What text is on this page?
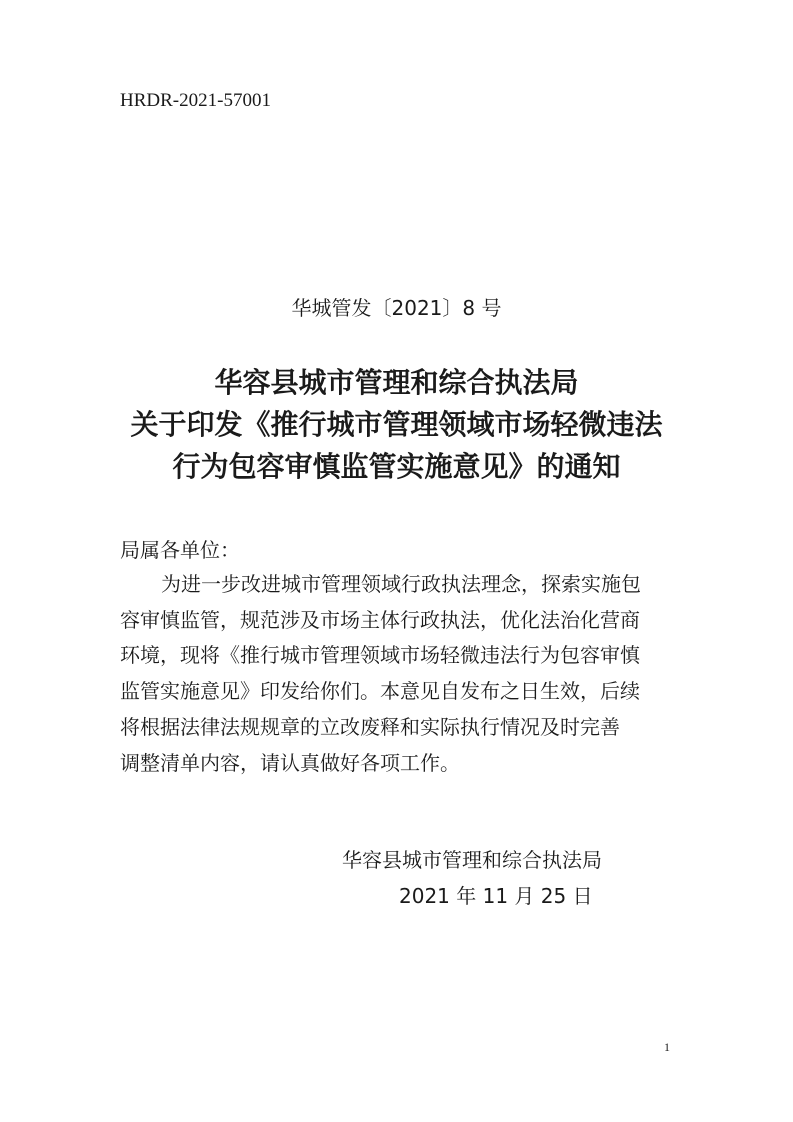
HRDR-2021-57001
华城管发〔2021〕8 号
华容县城市管理和综合执法局
关于印发《推行城市管理领域市场轻微违法
行为包容审慎监管实施意见》的通知
局属各单位：
为进一步改进城市管理领域行政执法理念，探索实施包
容审慎监管，规范涉及市场主体行政执法，优化法治化营商
环境，现将《推行城市管理领域市场轻微违法行为包容审慎
监管实施意见》印发给你们。本意见自发布之日生效，后续
将根据法律法规规章的立改废释和实际执行情况及时完善
调整清单内容，请认真做好各项工作。
华容县城市管理和综合执法局
2021 年 11 月 25 日
1
